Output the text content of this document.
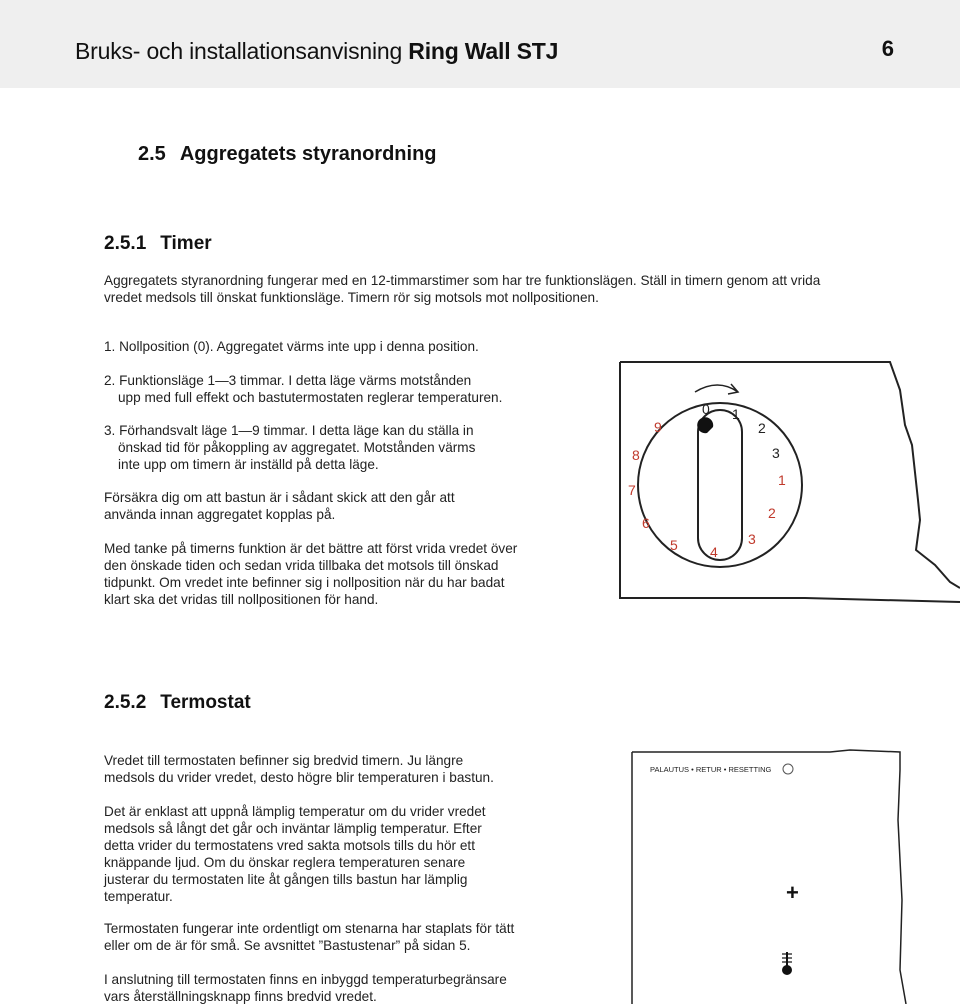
Bruks- och installationsanvisning Ring Wall STJ	6
2.5 Aggregatets styranordning
2.5.1 Timer
Aggregatets styranordning fungerar med en 12-timmarstimer som har tre funktionslägen. Ställ in timern genom att vrida
vredet medsols till önskat funktionsläge. Timern rör sig motsols mot nollpositionen.
1. Nollposition (0). Aggregatet värms inte upp i denna position.
2. Funktionsläge 1—3 timmar. I detta läge värms motstånden
upp med full effekt och bastutermostaten reglerar temperaturen.
3. Förhandsvalt läge 1—9 timmar. I detta läge kan du ställa in
önskad tid för påkoppling av aggregatet. Motstånden värms
inte upp om timern är inställd på detta läge.
Försäkra dig om att bastun är i sådant skick att den går att
använda innan aggregatet kopplas på.
Med tanke på timerns funktion är det bättre att först vrida vredet över
den önskade tiden och sedan vrida tillbaka det motsols till önskad
tidpunkt. Om vredet inte befinner sig i nollposition när du har badat
klart ska det vridas till nollpositionen för hand.
0 1
2
3
9
8
7
6
5 4
3
2
1
2.5.2 Termostat
Vredet till termostaten befinner sig bredvid timern. Ju längre
medsols du vrider vredet, desto högre blir temperaturen i bastun.
Det är enklast att uppnå lämplig temperatur om du vrider vredet
medsols så långt det går och inväntar lämplig temperatur. Efter
detta vrider du termostatens vred sakta motsols tills du hör ett
knäppande ljud. Om du önskar reglera temperaturen senare
justerar du termostaten lite åt gången tills bastun har lämplig
temperatur.
Termostaten fungerar inte ordentligt om stenarna har staplats för tätt
eller om de är för små. Se avsnittet ”Bastustenar” på sidan 5.
I anslutning till termostaten finns en inbyggd temperaturbegränsare
vars återställningsknapp finns bredvid vredet.
PALAUTUS • RETUR • RESETTING
+
